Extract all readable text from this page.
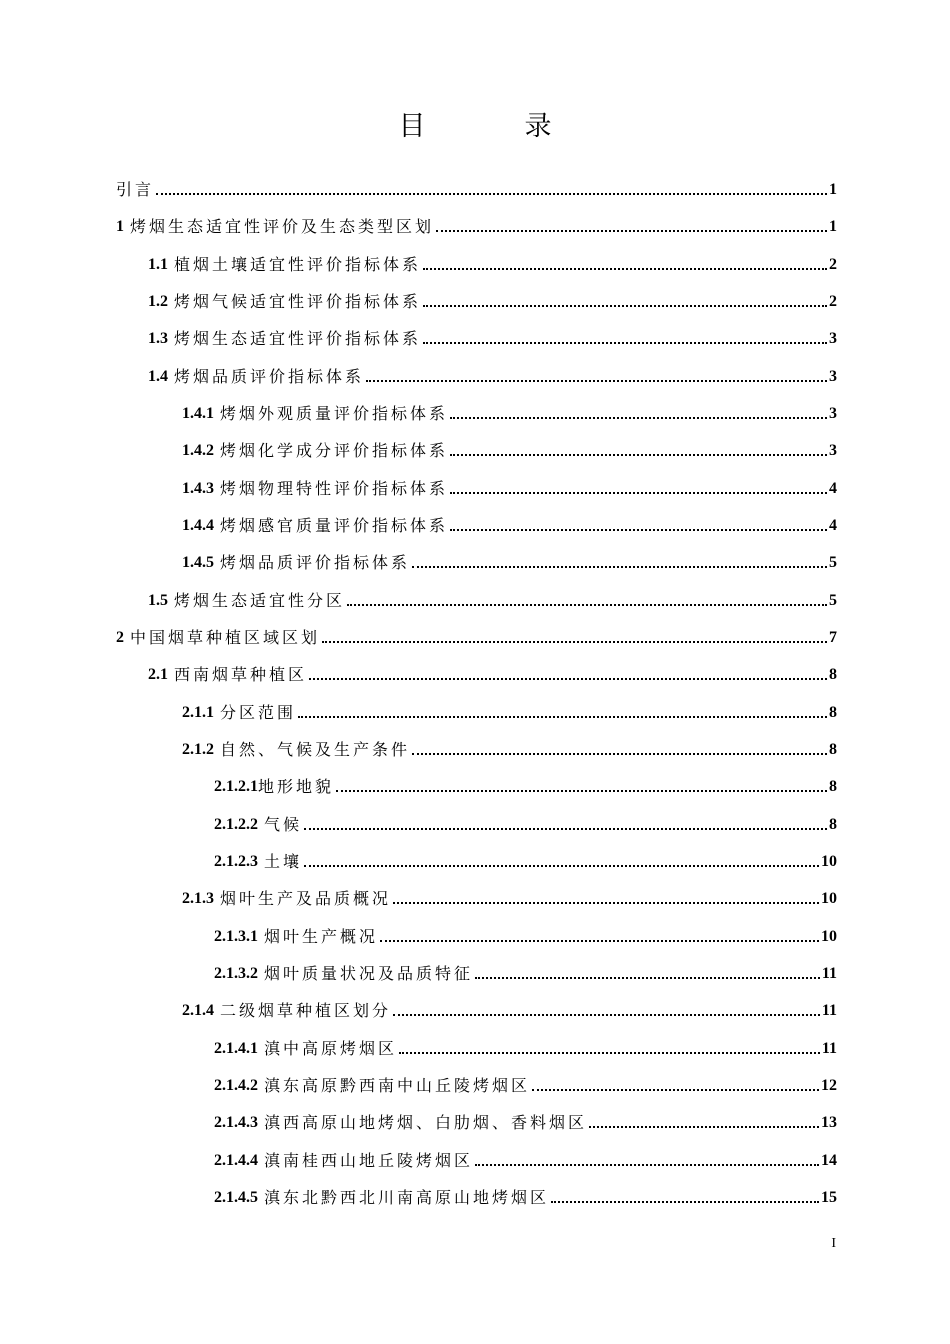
目　录
引言	1
1 烤烟生态适宜性评价及生态类型区划	1
1.1 植烟土壤适宜性评价指标体系	2
1.2 烤烟气候适宜性评价指标体系	2
1.3 烤烟生态适宜性评价指标体系	3
1.4 烤烟品质评价指标体系	3
1.4.1 烤烟外观质量评价指标体系	3
1.4.2 烤烟化学成分评价指标体系	3
1.4.3 烤烟物理特性评价指标体系	4
1.4.4 烤烟感官质量评价指标体系	4
1.4.5 烤烟品质评价指标体系	5
1.5 烤烟生态适宜性分区	5
2 中国烟草种植区域区划	7
2.1 西南烟草种植区	8
2.1.1 分区范围	8
2.1.2 自然、气候及生产条件	8
2.1.2.1 地形地貌	8
2.1.2.2 气候	8
2.1.2.3 土壤	10
2.1.3 烟叶生产及品质概况	10
2.1.3.1 烟叶生产概况	10
2.1.3.2 烟叶质量状况及品质特征	11
2.1.4 二级烟草种植区划分	11
2.1.4.1 滇中高原烤烟区	11
2.1.4.2 滇东高原黔西南中山丘陵烤烟区	12
2.1.4.3 滇西高原山地烤烟、白肋烟、香料烟区	13
2.1.4.4 滇南桂西山地丘陵烤烟区	14
2.1.4.5 滇东北黔西北川南高原山地烤烟区	15
I
